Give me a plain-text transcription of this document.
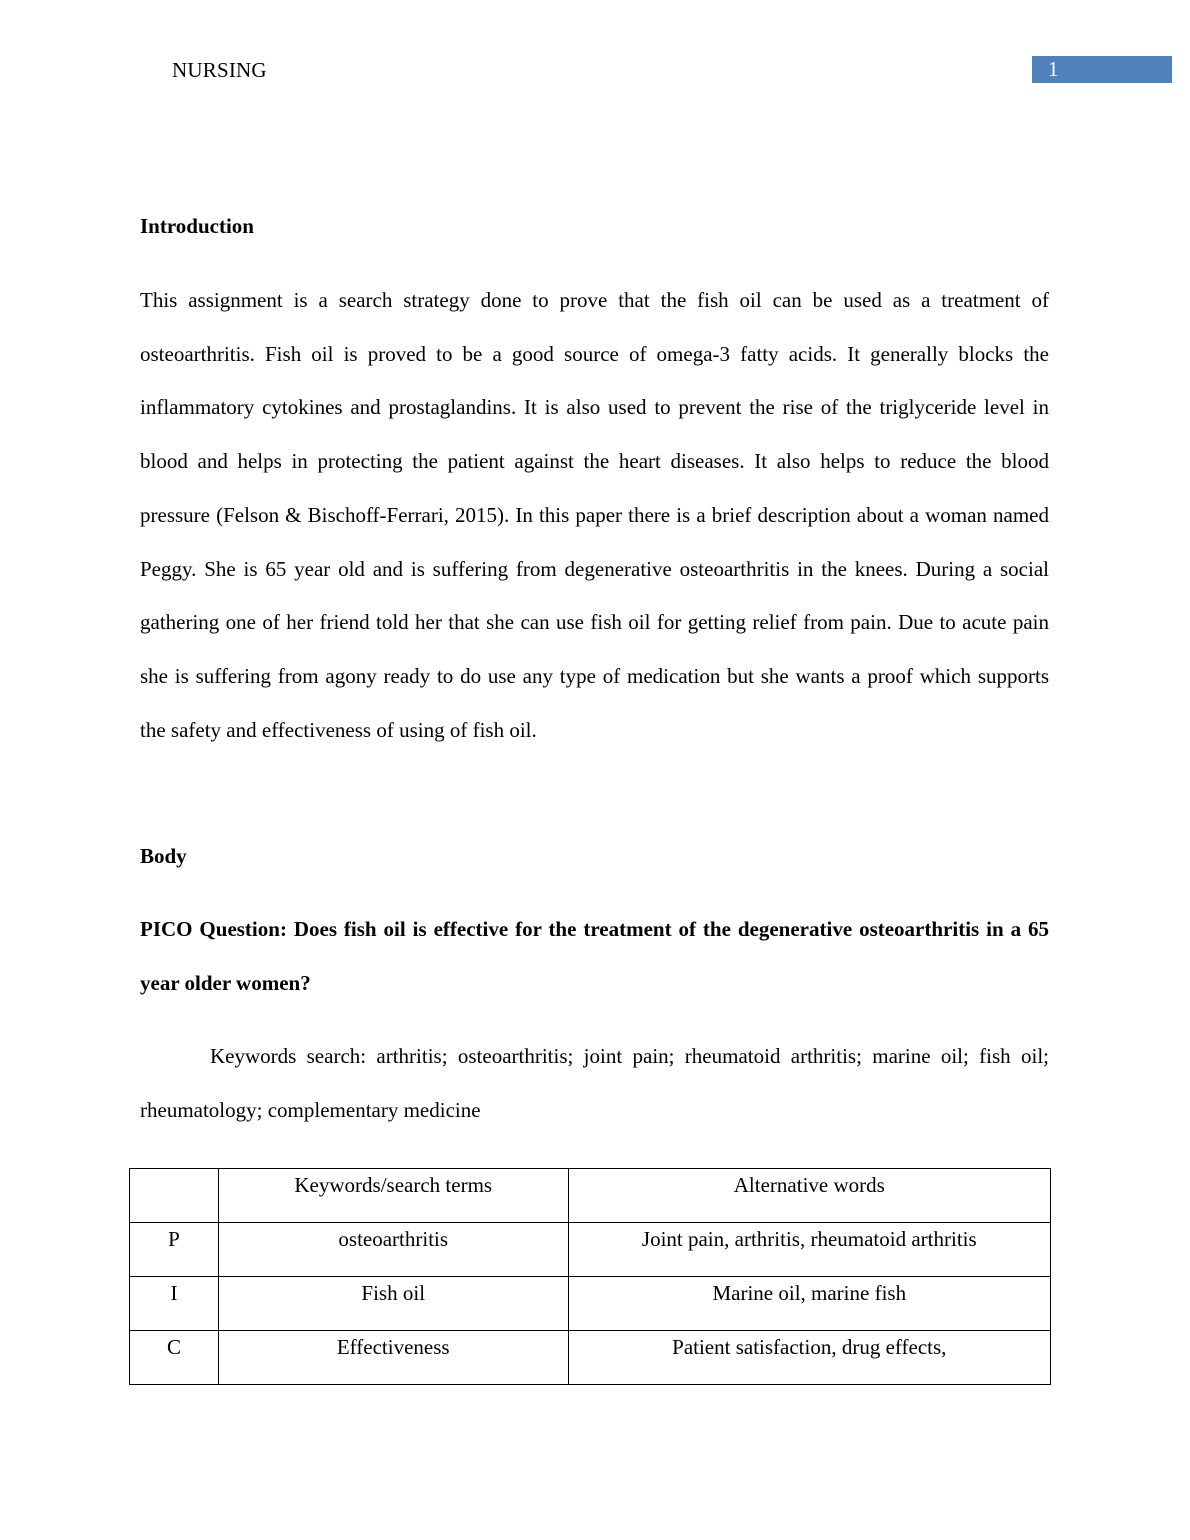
NURSING	1
Introduction

This assignment is a search strategy done to prove that the fish oil can be used as a treatment of osteoarthritis. Fish oil is proved to be a good source of omega-3 fatty acids. It generally blocks the inflammatory cytokines and prostaglandins. It is also used to prevent the rise of the triglyceride level in blood and helps in protecting the patient against the heart diseases. It also helps to reduce the blood pressure (Felson & Bischoff-Ferrari, 2015). In this paper there is a brief description about a woman named Peggy. She is 65 year old and is suffering from degenerative osteoarthritis in the knees. During a social gathering one of her friend told her that she can use fish oil for getting relief from pain. Due to acute pain she is suffering from agony ready to do use any type of medication but she wants a proof which supports the safety and effectiveness of using of fish oil.

Body

PICO Question: Does fish oil is effective for the treatment of the degenerative osteoarthritis in a 65 year older women?

Keywords search: arthritis; osteoarthritis; joint pain; rheumatoid arthritis; marine oil; fish oil; rheumatology; complementary medicine

	Keywords/search terms	Alternative words
P	osteoarthritis	Joint pain, arthritis, rheumatoid arthritis
I	Fish oil	Marine oil, marine fish
C	Effectiveness	Patient satisfaction, drug effects,
